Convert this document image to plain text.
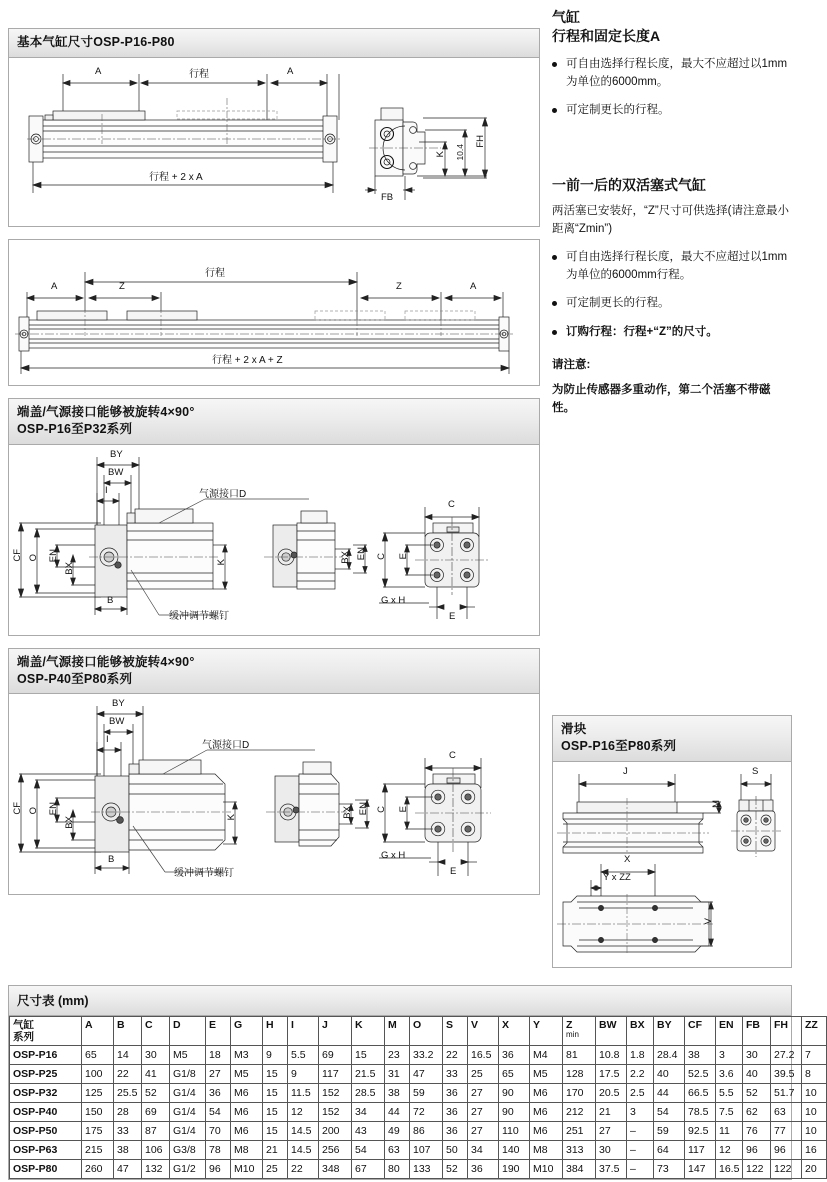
基本气缸尺寸OSP-P16-P80
A	行程	A
行程 + 2 x A
FB
FH
K 10.4
行程
A	Z	Z	A
行程 + 2 x A + Z
端盖/气源接口能够被旋转4×90°
OSP-P16至P32系列
BY
BW
I
CF O EN
BX
B
K
气源接口D
缓冲调节螺钉
BX EN
C
C E
G x H
E
端盖/气源接口能够被旋转4×90°
OSP-P40至P80系列
BY
BW
I
CF O EN
BX
B
K
气源接口D
缓冲调节螺钉
BX EN
C
C E
G x H
E
气缸
行程和固定长度A
可自由选择行程长度，最大不应超过以1mm为单位的6000mm。
可定制更长的行程。
一前一后的双活塞式气缸

两活塞已安装好，“Z”尺寸可供选择(请注意最小距离“Zmin”)

可自由选择行程长度，最大不应超过以1mm为单位的6000mm行程。
可定制更长的行程。
订购行程：行程+“Z”的尺寸。
请注意:

为防止传感器多重动作，第二个活塞不带磁性。

滑块
OSP-P16至P80系列
J
M
S
X
Y x ZZ
V
尺寸表 (mm)
气缸
系列	A	B	C	D	E	G	H	I	J	K	M	O	S	V	X	Y	Z
min	BW	BX	BY	CF	EN	FB	FH	ZZ
OSP-P16	65	14	30	M5	18	M3	9	5.5	69	15	23	33.2	22	16.5	36	M4	81	10.8	1.8	28.4	38	3	30	27.2	7
OSP-P25	100	22	41	G1/8	27	M5	15	9	117	21.5	31	47	33	25	65	M5	128	17.5	2.2	40	52.5	3.6	40	39.5	8
OSP-P32	125	25.5	52	G1/4	36	M6	15	11.5	152	28.5	38	59	36	27	90	M6	170	20.5	2.5	44	66.5	5.5	52	51.7	10
OSP-P40	150	28	69	G1/4	54	M6	15	12	152	34	44	72	36	27	90	M6	212	21	3	54	78.5	7.5	62	63	10
OSP-P50	175	33	87	G1/4	70	M6	15	14.5	200	43	49	86	36	27	110	M6	251	27	–	59	92.5	11	76	77	10
OSP-P63	215	38	106	G3/8	78	M8	21	14.5	256	54	63	107	50	34	140	M8	313	30	–	64	117	12	96	96	16
OSP-P80	260	47	132	G1/2	96	M10	25	22	348	67	80	133	52	36	190	M10	384	37.5	–	73	147	16.5	122	122	20
